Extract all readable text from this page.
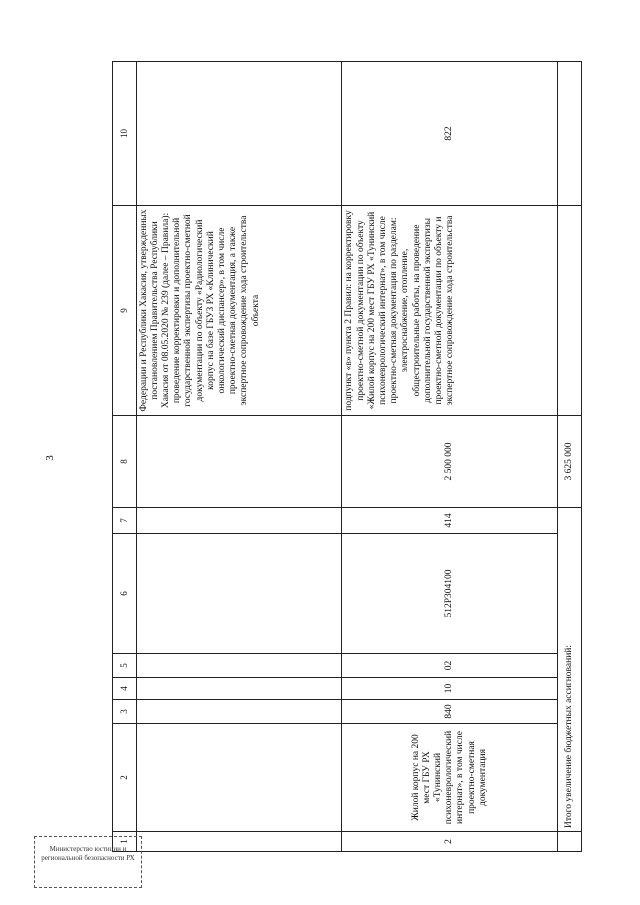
3
1	2	3	4	5	6	7	8	9	10
								Федерации и Республики Хакасия, утвержденных постановлением Правительства Республики Хакасия от 08.05.2020 № 239 (далее – Правила): проведение корректировки и дополнительной государственной экспертизы проектно-сметной документации по объекту «Радиологический корпус на базе ГБУЗ РХ «Клинический онкологический диспансер», в том числе проектно-сметная документация, а также экспертное сопровождение хода строительства объекта	
2	Жилой корпус на 200 мест ГБУ РХ «Тунинский психоневрологический интернат», в том числе проектно-сметная документация	840	10	02	512Р304100	414	2 500 000	подпункт «в» пункта 2 Правил: на корректировку проектно-сметной документации по объекту «Жилой корпус на 200 мест ГБУ РХ «Тунинский психоневрологический интернат», в том числе проектно-сметная документация по разделам: электроснабжение, отопление, общестроительные работы, на проведение дополнительной государственной экспертизы проектно-сметной документации по объекту и экспертное сопровождение хода строительства	822
	Итого увеличение бюджетных ассигнований:						3 625 000		
Министерство юстиции и региональной безопасности РХ
